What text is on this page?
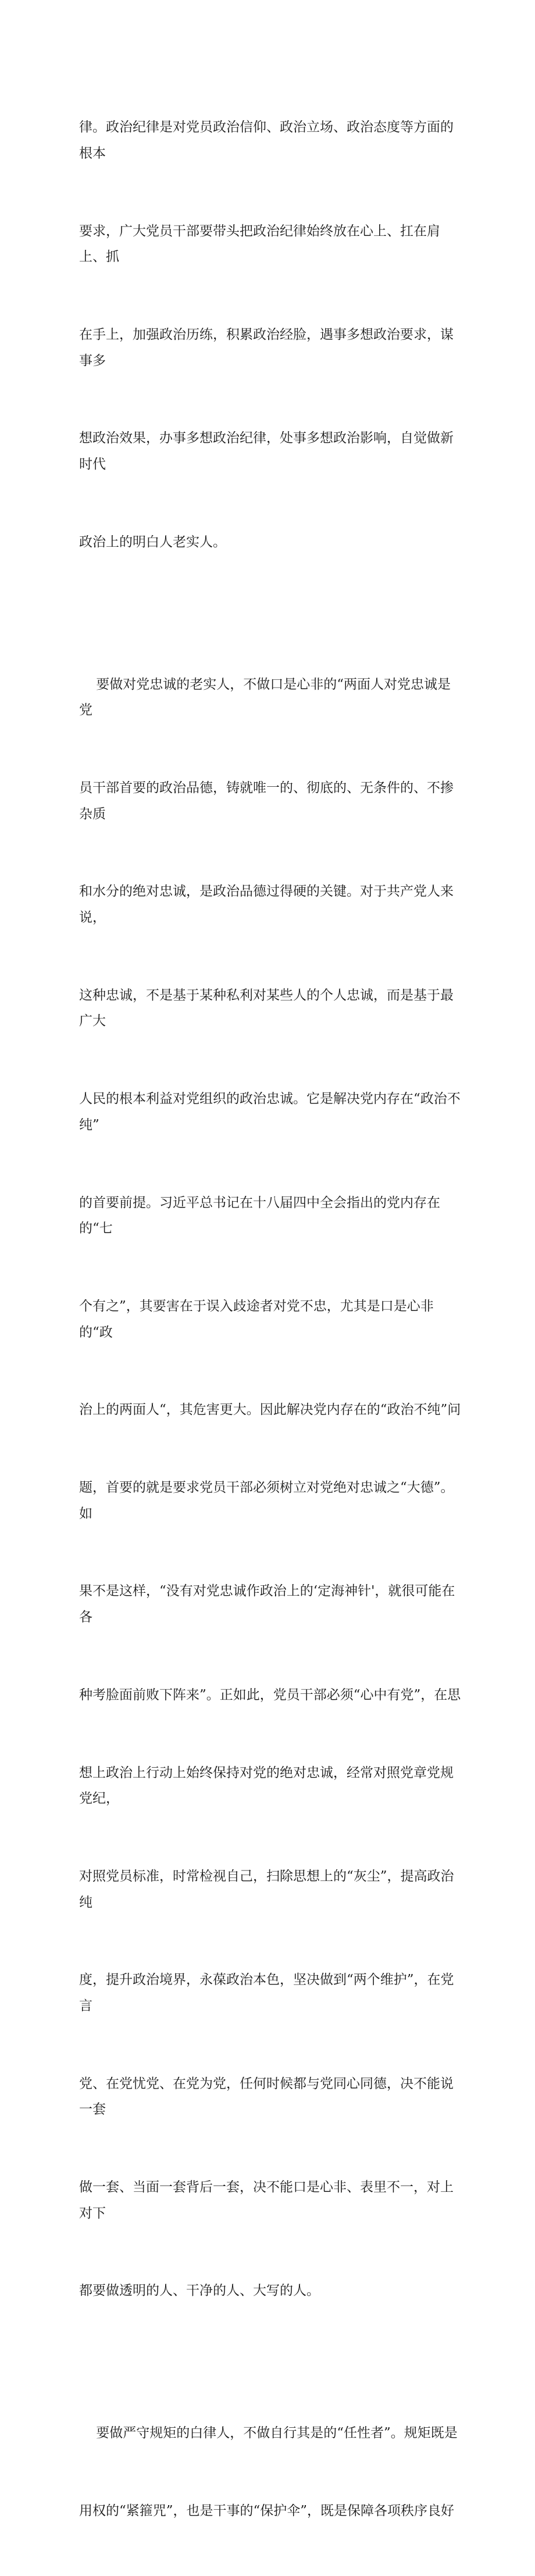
律。政治纪律是对党员政治信仰、政治立场、政治态度等方面的根本

要求，广大党员干部要带头把政治纪律始终放在心上、扛在肩上、抓

在手上，加强政治历练，积累政治经脸，遇事多想政治要求，谋事多

想政治效果，办事多想政治纪律，处事多想政治影响，自觉做新时代

政治上的明白人老实人。

要做对党忠诚的老实人，不做口是心非的“两面人对党忠诚是党

员干部首要的政治品德，铸就唯一的、彻底的、无条件的、不掺杂质

和水分的绝对忠诚，是政治品德过得硬的关键。对于共产党人来说，

这种忠诚，不是基于某种私利对某些人的个人忠诚，而是基于最广大

人民的根本利益对党组织的政治忠诚。它是解决党内存在“政治不纯”

的首要前提。习近平总书记在十八届四中全会指出的党内存在的“七

个有之”，其要害在于误入歧途者对党不忠，尤其是口是心非的“政

治上的两面人“，其危害更大。因此解决党内存在的“政治不纯”问

题，首要的就是要求党员干部必须树立对党绝对忠诚之“大德”。如

果不是这样，“没有对党忠诚作政治上的‘定海神针'，就很可能在各

种考脸面前败下阵来”。正如此，党员干部必须“心中有党”，在思

想上政治上行动上始终保持对党的绝对忠诚，经常对照党章党规党纪，

对照党员标准，时常检视自己，扫除思想上的“灰尘”，提高政治纯

度，提升政治境界，永葆政治本色，坚决做到“两个维护”，在党言

党、在党忧党、在党为党，任何时候都与党同心同德，决不能说一套

做一套、当面一套背后一套，决不能口是心非、表里不一，对上对下

都要做透明的人、干净的人、大写的人。

要做严守规矩的白律人，不做自行其是的“任性者”。规矩既是

用权的“紧箍咒”，也是干事的“保护伞”，既是保障各项秩序良好
